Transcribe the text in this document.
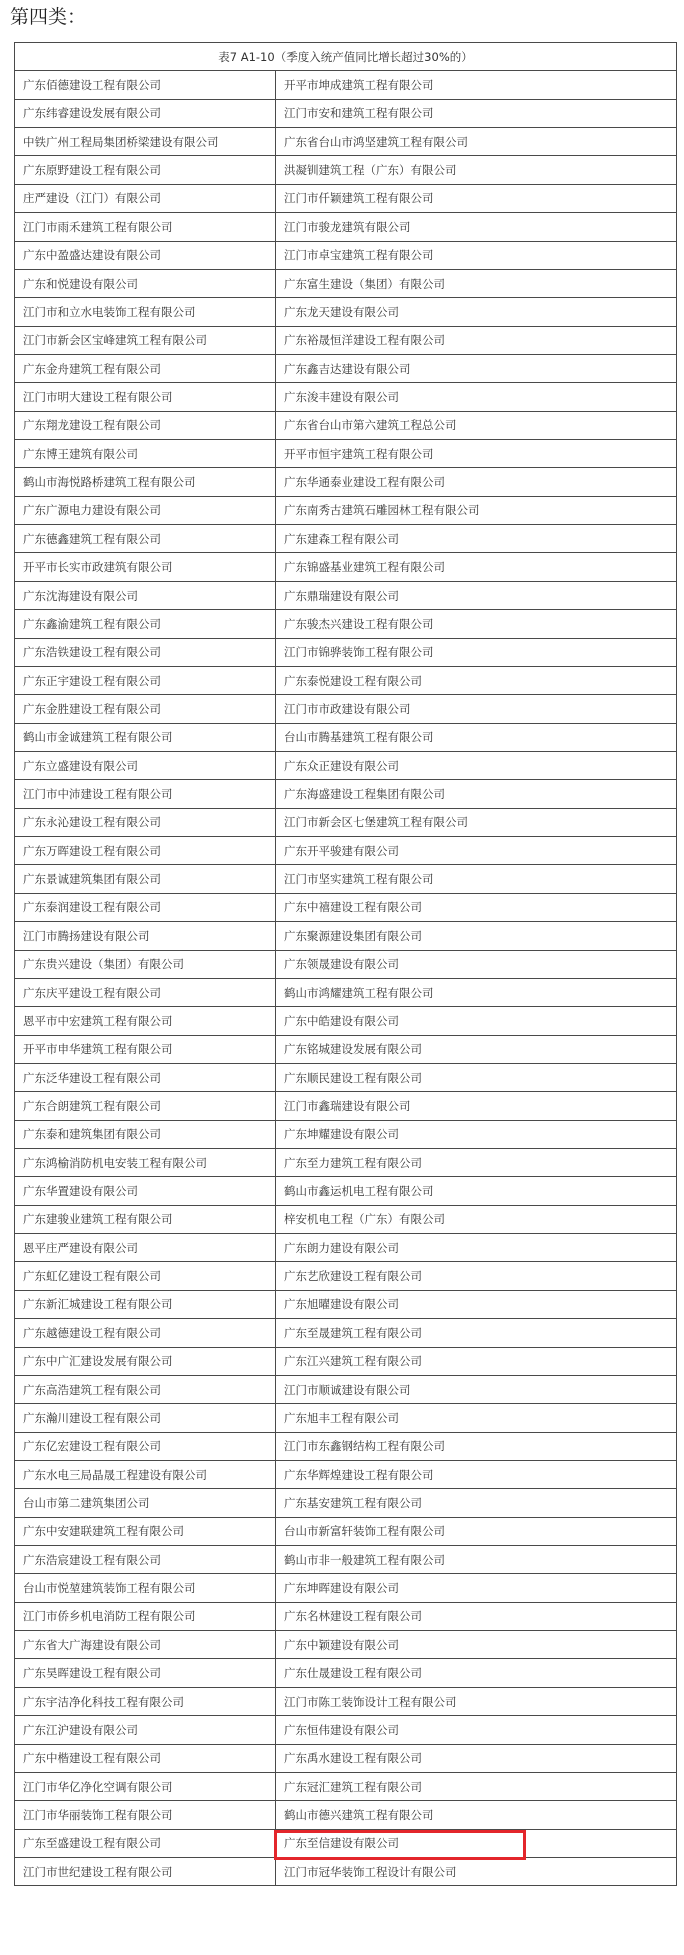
第四类：
表7 A1-10（季度入统产值同比增长超过30%的）	
广东佰德建设工程有限公司	开平市坤成建筑工程有限公司
广东纬睿建设发展有限公司	江门市安和建筑工程有限公司
中铁广州工程局集团桥梁建设有限公司	广东省台山市鸿坚建筑工程有限公司
广东原野建设工程有限公司	洪凝钏建筑工程（广东）有限公司
庄严建设（江门）有限公司	江门市仟颖建筑工程有限公司
江门市雨禾建筑工程有限公司	江门市骏龙建筑有限公司
广东中盈盛达建设有限公司	江门市卓宝建筑工程有限公司
广东和悦建设有限公司	广东富生建设（集团）有限公司
江门市和立水电装饰工程有限公司	广东龙天建设有限公司
江门市新会区宝峰建筑工程有限公司	广东裕晟恒洋建设工程有限公司
广东金舟建筑工程有限公司	广东鑫吉达建设有限公司
江门市明大建设工程有限公司	广东浚丰建设有限公司
广东翔龙建设工程有限公司	广东省台山市第六建筑工程总公司
广东博王建筑有限公司	开平市恒宇建筑工程有限公司
鹤山市海悦路桥建筑工程有限公司	广东华通泰业建设工程有限公司
广东广源电力建设有限公司	广东南秀古建筑石雕园林工程有限公司
广东德鑫建筑工程有限公司	广东建森工程有限公司
开平市长实市政建筑有限公司	广东锦盛基业建筑工程有限公司
广东沈海建设有限公司	广东鼎瑞建设有限公司
广东鑫渝建筑工程有限公司	广东骏杰兴建设工程有限公司
广东浩铁建设工程有限公司	江门市锦骅装饰工程有限公司
广东正宇建设工程有限公司	广东泰悦建设工程有限公司
广东金胜建设工程有限公司	江门市市政建设有限公司
鹤山市金诚建筑工程有限公司	台山市腾基建筑工程有限公司
广东立盛建设有限公司	广东众正建设有限公司
江门市中沛建设工程有限公司	广东海盛建设工程集团有限公司
广东永沁建设工程有限公司	江门市新会区七堡建筑工程有限公司
广东万晖建设工程有限公司	广东开平骏建有限公司
广东景诚建筑集团有限公司	江门市坚实建筑工程有限公司
广东泰润建设工程有限公司	广东中禧建设工程有限公司
江门市腾扬建设有限公司	广东聚源建设集团有限公司
广东贵兴建设（集团）有限公司	广东领晟建设有限公司
广东庆平建设工程有限公司	鹤山市鸿耀建筑工程有限公司
恩平市中宏建筑工程有限公司	广东中皓建设有限公司
开平市申华建筑工程有限公司	广东铭城建设发展有限公司
广东泛华建设工程有限公司	广东顺民建设工程有限公司
广东合朗建筑工程有限公司	江门市鑫瑞建设有限公司
广东泰和建筑集团有限公司	广东坤耀建设有限公司
广东鸿榆消防机电安装工程有限公司	广东至力建筑工程有限公司
广东华置建设有限公司	鹤山市鑫运机电工程有限公司
广东建骏业建筑工程有限公司	梓安机电工程（广东）有限公司
恩平庄严建设有限公司	广东朗力建设有限公司
广东虹亿建设工程有限公司	广东艺欣建设工程有限公司
广东新汇城建设工程有限公司	广东旭曜建设有限公司
广东越德建设工程有限公司	广东至晟建筑工程有限公司
广东中广汇建设发展有限公司	广东江兴建筑工程有限公司
广东高浩建筑工程有限公司	江门市顺诚建设有限公司
广东瀚川建设工程有限公司	广东旭丰工程有限公司
广东亿宏建设工程有限公司	江门市东鑫钢结构工程有限公司
广东水电三局晶晟工程建设有限公司	广东华辉煌建设工程有限公司
台山市第二建筑集团公司	广东基安建筑工程有限公司
广东中安建联建筑工程有限公司	台山市新富轩装饰工程有限公司
广东浩宸建设工程有限公司	鹤山市非一般建筑工程有限公司
台山市悦堃建筑装饰工程有限公司	广东坤晖建设有限公司
江门市侨乡机电消防工程有限公司	广东名林建设工程有限公司
广东省大广海建设有限公司	广东中颖建设有限公司
广东昊晖建设工程有限公司	广东仕晟建设工程有限公司
广东宇洁净化科技工程有限公司	江门市陈工装饰设计工程有限公司
广东江沪建设有限公司	广东恒伟建设有限公司
广东中楷建设工程有限公司	广东禹水建设工程有限公司
江门市华亿净化空调有限公司	广东冠汇建筑工程有限公司
江门市华丽装饰工程有限公司	鹤山市德兴建筑工程有限公司
广东至盛建设工程有限公司	广东至信建设有限公司
江门市世纪建设工程有限公司	江门市冠华装饰工程设计有限公司
